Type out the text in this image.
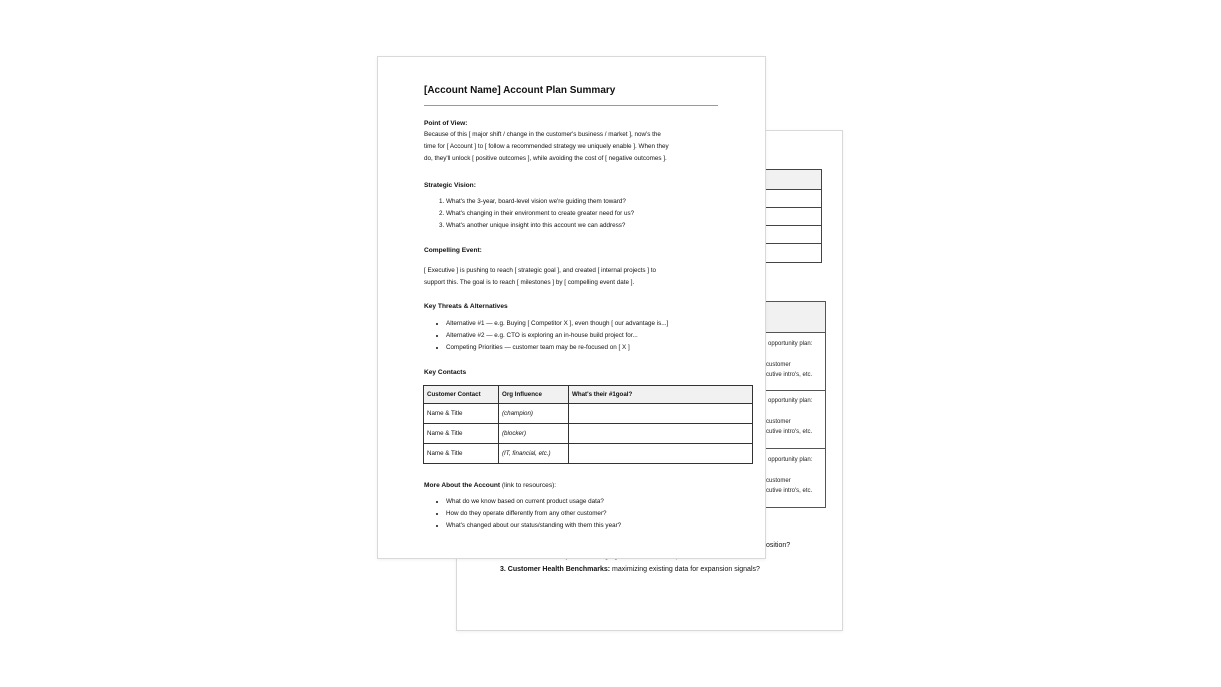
opportunity plan:
customer
cutive intro's, etc.
opportunity plan:
customer
cutive intro's, etc.
opportunity plan:
customer
cutive intro's, etc.
osition?
3. Customer Health Benchmarks: maximizing existing data for expansion signals?
[Account Name] Account Plan Summary
Point of View:
Because of this [ major shift / change in the customer's business / market ], now's the
time for [ Account ] to [ follow a recommended strategy we uniquely enable ]. When they
do, they'll unlock [ positive outcomes ], while avoiding the cost of [ negative outcomes ].
Strategic Vision:
1. What's the 3-year, board-level vision we're guiding them toward?
2. What's changing in their environment to create greater need for us?
3. What's another unique insight into this account we can address?
Compelling Event:
[ Executive ] is pushing to reach [ strategic goal ], and created [ internal projects ] to
support this. The goal is to reach [ milestones ] by [ compelling event date ].
Key Threats & Alternatives
• Alternative #1 — e.g. Buying [ Competitor X ], even though [ our advantage is...]
• Alternative #2 — e.g. CTO is exploring an in-house build project for...
• Competing Priorities — customer team may be re-focused on [ X ]
Key Contacts
Customer Contact	Org Influence	What's their #1goal?
Name & Title	(champion)	
Name & Title	(blocker)	
Name & Title	(IT, financial, etc.)	
More About the Account (link to resources):
• What do we know based on current product usage data?
• How do they operate differently from any other customer?
• What's changed about our status/standing with them this year?
